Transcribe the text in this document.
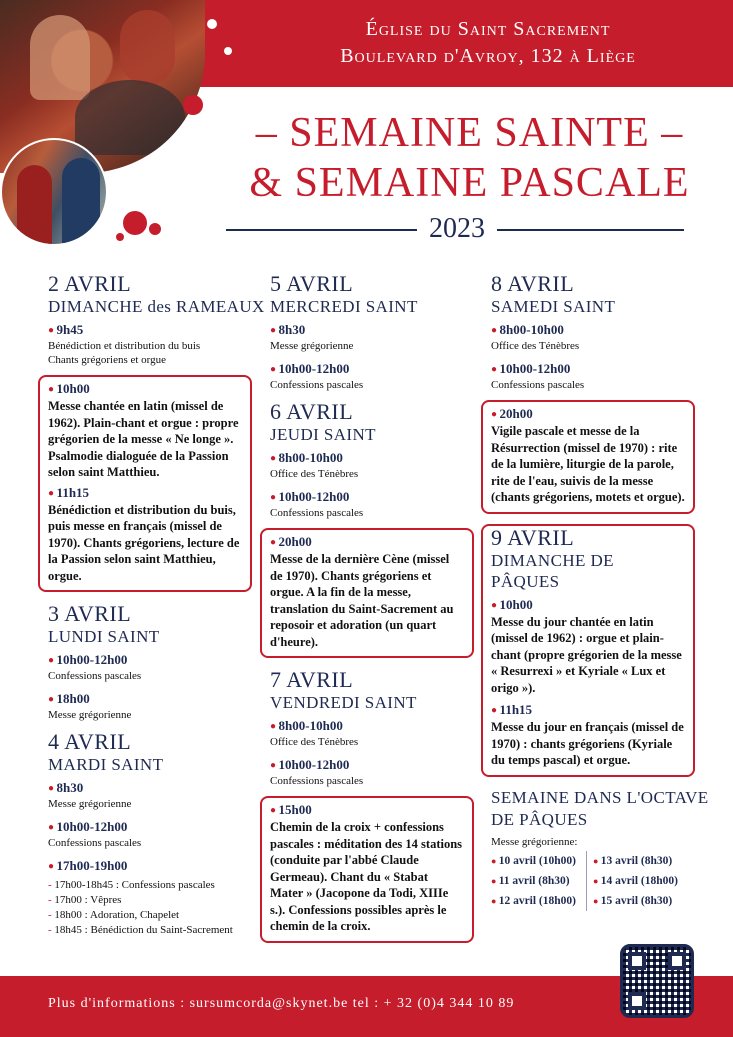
Église du Saint Sacrement
Boulevard d'Avroy, 132 à Liège
– SEMAINE SAINTE –
& SEMAINE PASCALE
2023
2 AVRIL
DIMANCHE des RAMEAUX
● 9h45
Bénédiction et distribution du buis
Chants grégoriens et orgue
● 10h00
Messe chantée en latin (missel de 1962). Plain-chant et orgue : propre grégorien de la messe « Ne longe ». Psalmodie dialoguée de la Passion selon saint Matthieu.
● 11h15
Bénédiction et distribution du buis, puis messe en français (missel de 1970). Chants grégoriens, lecture de la Passion selon saint Matthieu, orgue.
3 AVRIL
LUNDI SAINT
● 10h00-12h00
Confessions pascales
● 18h00
Messe grégorienne
4 AVRIL
MARDI SAINT
● 8h30
Messe grégorienne
● 10h00-12h00
Confessions pascales
● 17h00-19h00
- 17h00-18h45 : Confessions pascales
- 17h00 : Vêpres
- 18h00 : Adoration, Chapelet
- 18h45 : Bénédiction du Saint-Sacrement
5 AVRIL
MERCREDI SAINT
● 8h30
Messe grégorienne
● 10h00-12h00
Confessions pascales
6 AVRIL
JEUDI SAINT
● 8h00-10h00
Office des Ténèbres
● 10h00-12h00
Confessions pascales
● 20h00
Messe de la dernière Cène (missel de 1970). Chants grégoriens et orgue. A la fin de la messe, translation du Saint-Sacrement au reposoir et adoration (un quart d'heure).
7 AVRIL
VENDREDI SAINT
● 8h00-10h00
Office des Ténèbres
● 10h00-12h00
Confessions pascales
● 15h00
Chemin de la croix + confessions pascales : méditation des 14 stations (conduite par l'abbé Claude Germeau). Chant du « Stabat Mater » (Jacopone da Todi, XIIIe s.). Confessions possibles après le chemin de la croix.
8 AVRIL
SAMEDI SAINT
● 8h00-10h00
Office des Ténèbres
● 10h00-12h00
Confessions pascales
● 20h00
Vigile pascale et messe de la Résurrection (missel de 1970) : rite de la lumière, liturgie de la parole, rite de l'eau, suivis de la messe (chants grégoriens, motets et orgue).
9 AVRIL
DIMANCHE DE PÂQUES
● 10h00
Messe du jour chantée en latin (missel de 1962) : orgue et plain-chant (propre grégorien de la messe « Resurrexi » et Kyriale « Lux et origo »).
● 11h15
Messe du jour en français (missel de 1970) : chants grégoriens (Kyriale du temps pascal) et orgue.
SEMAINE DANS L'OCTAVE DE PÂQUES
Messe grégorienne:
● 10 avril (10h00)
● 11 avril (8h30)
● 12 avril (18h00)
● 13 avril (8h30)
● 14 avril (18h00)
● 15 avril (8h30)
Plus d'informations : sursumcorda@skynet.be tel : + 32 (0)4 344 10 89
